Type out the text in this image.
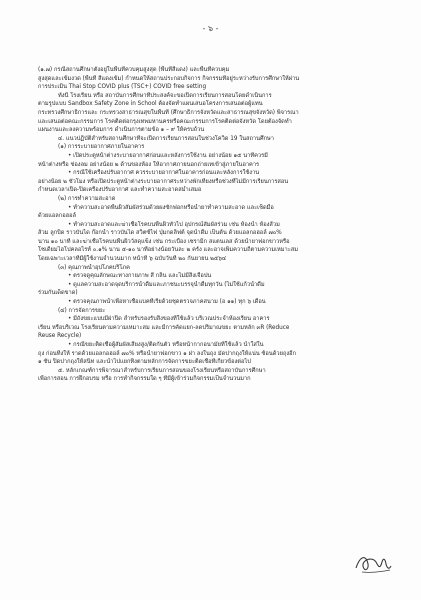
- ๖ -
(๑.๗) กรณีสถานศึกษาตั้งอยู่ในพื้นที่ควบคุมสูงสุด (พื้นที่สีแดง) และพื้นที่ควบคุม
สูงสุดและเข้มงวด (พื้นที่ สีแดงเข้ม) กำหนดให้สถานประกอบกิจการ กิจกรรมที่อยู่ระหว่างรับการศึกษาให้ผ่าน
การประเมิน Thai Stop COVID plus (TSC+) COVID free setting
ทั้งนี้ โรงเรียน หรือ สถาบันการศึกษาที่ประสงค์จะขอเปิดการเรียนการสอนโดยดำเนินการ
ตามรูปแบบ Sandbox Safety Zone in School ต้องจัดทำแผนเสนอโครงการเสนอต่อผู้แทน
กระทรวงศึกษาธิการและ กระทรวงสาธารณสุขในพื้นที่ (ศึกษาธิการจังหวัดและสาธารณสุขจังหวัด) พิจารณา
และเสนอต่อคณะกรรมการ โรคติดต่อกรุงเทพมหานครหรือคณะกรรมการโรคติดต่อจังหวัด โดยต้องจัดทำ
แผนงานและลงความพร้อมการ ดำเนินการตามข้อ ๑ – ๙ ให้ครบถ้วน
๔. แนวปฏิบัติสำหรับสถานศึกษาที่จะเปิดการเรียนการสอนในช่วงโควิด 19 ในสถานศึกษา
(๑) การระบายอากาศภายในอาคาร
• เปิดประตูหน้าต่างระบายอากาศก่อนและหลังการใช้งาน อย่างน้อย ๑๕ นาทีควรมี
หน้าต่างหรือ ช่องลม อย่างน้อย ๒ ด้านของห้อง ให้อากาศภายนอกถ่ายเทเข้าสู่ภายในอาคาร
• กรณีใช้เครื่องปรับอากาศ ควรระบายอากาศในอาคารก่อนและหลังการใช้งาน
อย่างน้อย ๒ ชั่วโมง หรือเปิดประตูหน้าต่างระบายอากาศระหว่างพักเที่ยงหรือช่วงที่ไม่มีการเรียนการสอน
กำหนดเวลาเปิด-ปิดเครื่องปรับอากาศ และทำความสะอาดสม่ำเสมอ
(๒) การทำความสะอาด
• ทำความสะอาดพื้นผิวสัมผัสร่วมด้วยผงซักฟอกหรือน้ำยาทำความสะอาด และเช็ดมือ
ด้วยแอลกอฮอล์
• ทำความสะอาดและฆ่าเชื้อโรคบนพื้นผิวทั่วไป อุปกรณ์สัมผัสร่วม เช่น ห้องน้ำ ห้องส้วม
ส้วม ลูกบิด ราวบันได ก๊อกน้ำ ราวบันได สวิตซ์ไฟ ปุ่มกดลิฟต์ จุดน้ำดื่ม เป็นต้น ด้วยแอลกอฮอล์ ๗๐%
นาน ๑๐ นาที และฆ่าเชื้อโรคบนพื้นผิววัสดุแข็ง เช่น กระเบื้อง เซรามิก สแตนเลส ด้วยน้ำยาฟอกขาวหรือ
โซเดียมไฮโปคลอไรท์ ๐.๑% นาน ๕-๑๐ นาทีอย่างน้อยวันละ ๒ ครั้ง และอาจเพิ่มความถี่ตามความเหมาะสม
โดยเฉพาะเวลาที่มีผู้ใช้งานจำนวนมาก หน้าที่ ๖ ฉบับวันที่ ๒๐ กันยายน ๒๕๖๔
(๓) คุณภาพน้ำอุปโภคบริโภค
• ตรวจดูคุณลักษณะทางกายภาพ สี กลิ่น และไม่มีสิ่งเจือปน
• ดูแลความสะอาดจุดบริการน้ำดื่มและภาชนะบรรจุน้ำดื่มทุกวัน (ไม่ใช้แก้วน้ำดื่ม
ร่วมกันเด็ดขาด)
• ตรวจคุณภาพน้ำเพื่อหาเชื้อแบคทีเรียด้วยชุดตรวจภาคสนาม (อ ๑๑) ทุก ๖ เดือน
(๔) การจัดการขยะ
• มีถังขยะแบบมีฝาปิด สำหรับรองรับสิ่งของที่ใช้แล้ว บริเวณประจำห้องเรียน อาคาร
เรียน หรือบริเวณ โรงเรียนตามความเหมาะสม และมีการคัดแยก-ลดปริมาณขยะ ตามหลัก ๓R (Reduce
Reuse Recycle)
• กรณีขยะติดเชื้อผู้สัมผัสเสี่ยงสูง/ติดกันตัว หรือหน้ากากอนามัยที่ใช้แล้ว นำใส่ใน
ถุง ก่อนทิ้งให้ ราดด้วยแอลกอฮอล์ ๗๐% หรือน้ำยาฟอกขาว ๑ ฝา ลงในถุง มัดปากถุงให้แน่น ซ้อนด้วยถุงอีก
๑ ชั้น ปิดปากถุงให้สนิท และนำไปแยกทิ้งตามหลักการจัดการขยะติดเชื้อที่เกี่ยวข้องต่อไป
๕. หลักเกณฑ์การพิจารณาสำหรับการเรียนการสอนของโรงเรียนหรือสถาบันการศึกษา
เพื่อการสอน การฝึกอบรม หรือ การทำกิจกรรมใด ๆ ที่มีผู้เข้าร่วมกิจกรรมเป็นจำนวนมาก
